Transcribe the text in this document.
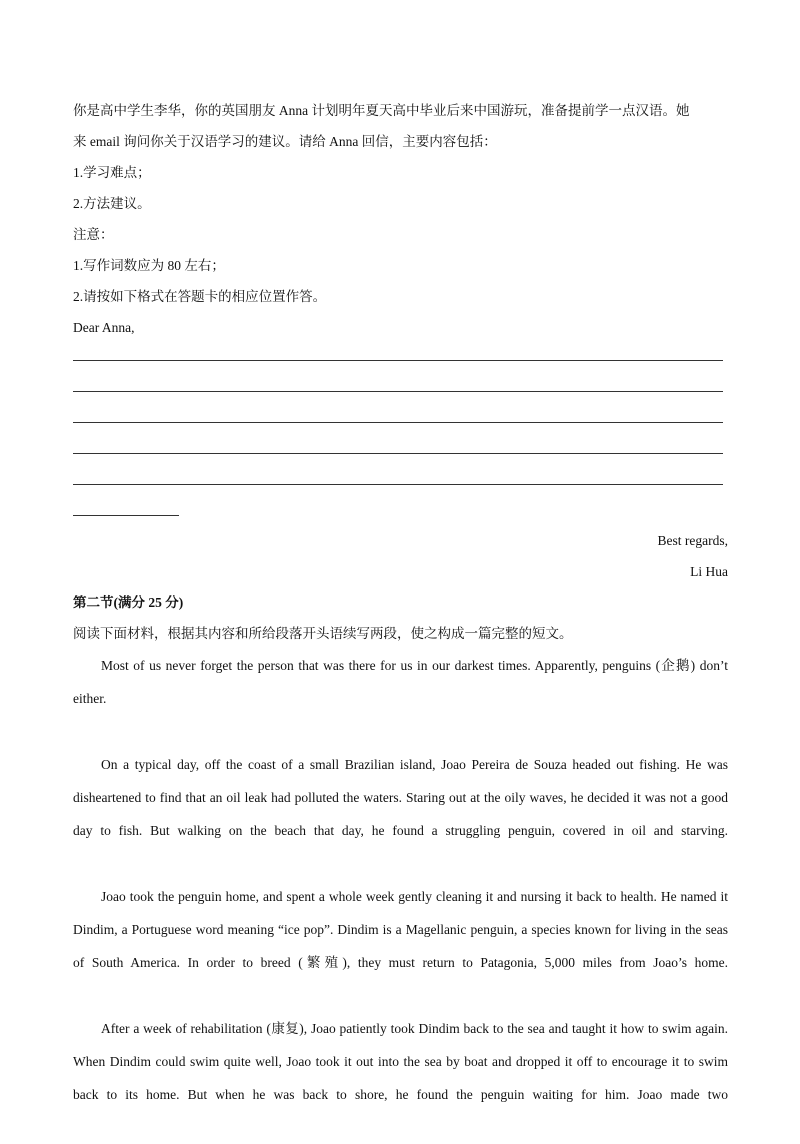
你是高中学生李华，你的英国朋友 Anna 计划明年夏天高中毕业后来中国游玩，准备提前学一点汉语。她

来 email 询问你关于汉语学习的建议。请给 Anna 回信，主要内容包括：

1.学习难点；

2.方法建议。

注意：

1.写作词数应为 80 左右；

2.请按如下格式在答题卡的相应位置作答。

Dear Anna,

Best regards,

Li Hua

第二节(满分 25 分)

阅读下面材料，根据其内容和所给段落开头语续写两段，使之构成一篇完整的短文。

Most of us never forget the person that was there for us in our darkest times. Apparently, penguins (企鹅) don’t either.

On a typical day, off the coast of a small Brazilian island, Joao Pereira de Souza headed out fishing. He was disheartened to find that an oil leak had polluted the waters. Staring out at the oily waves, he decided it was not a good day to fish. But walking on the beach that day, he found a struggling penguin, covered in oil and starving.

Joao took the penguin home, and spent a whole week gently cleaning it and nursing it back to health. He named it Dindim, a Portuguese word meaning “ice pop”. Dindim is a Magellanic penguin, a species known for living in the seas of South America. In order to breed (繁殖), they must return to Patagonia, 5,000 miles from Joao’s home.

After a week of rehabilitation (康复), Joao patiently took Dindim back to the sea and taught it how to swim again. When Dindim could swim quite well, Joao took it out into the sea by boat and dropped it off to encourage it to swim back to its home. But when he was back to shore, he found the penguin waiting for him. Joao made two
